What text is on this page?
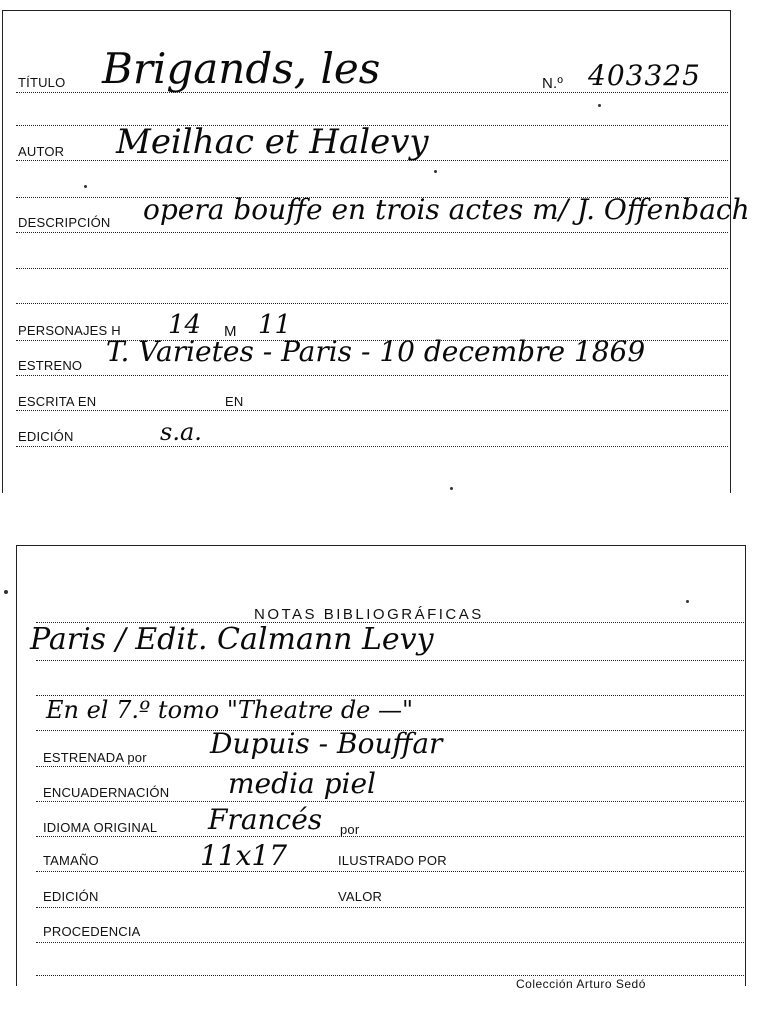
TÍTULO Brigands, les	N.º 403325
AUTOR Meilhac et Halevy
DESCRIPCIÓN opera bouffe en trois actes m/ J. Offenbach
PERSONAJES H 14 M 11
ESTRENO T. Varietes - Paris - 10 decembre 1869
ESCRITA EN	EN
EDICIÓN	s.a.
NOTAS BIBLIOGRÁFICAS
Paris / Edit. Calmann Levy
En el 7.º tomo "Theatre de —"
ESTRENADA por Dupuis - Bouffar
ENCUADERNACIÓN media piel
IDIOMA ORIGINAL Francés por
TAMAÑO	11x17	ILUSTRADO POR
EDICIÓN	VALOR
PROCEDENCIA
Colección Arturo Sedó
